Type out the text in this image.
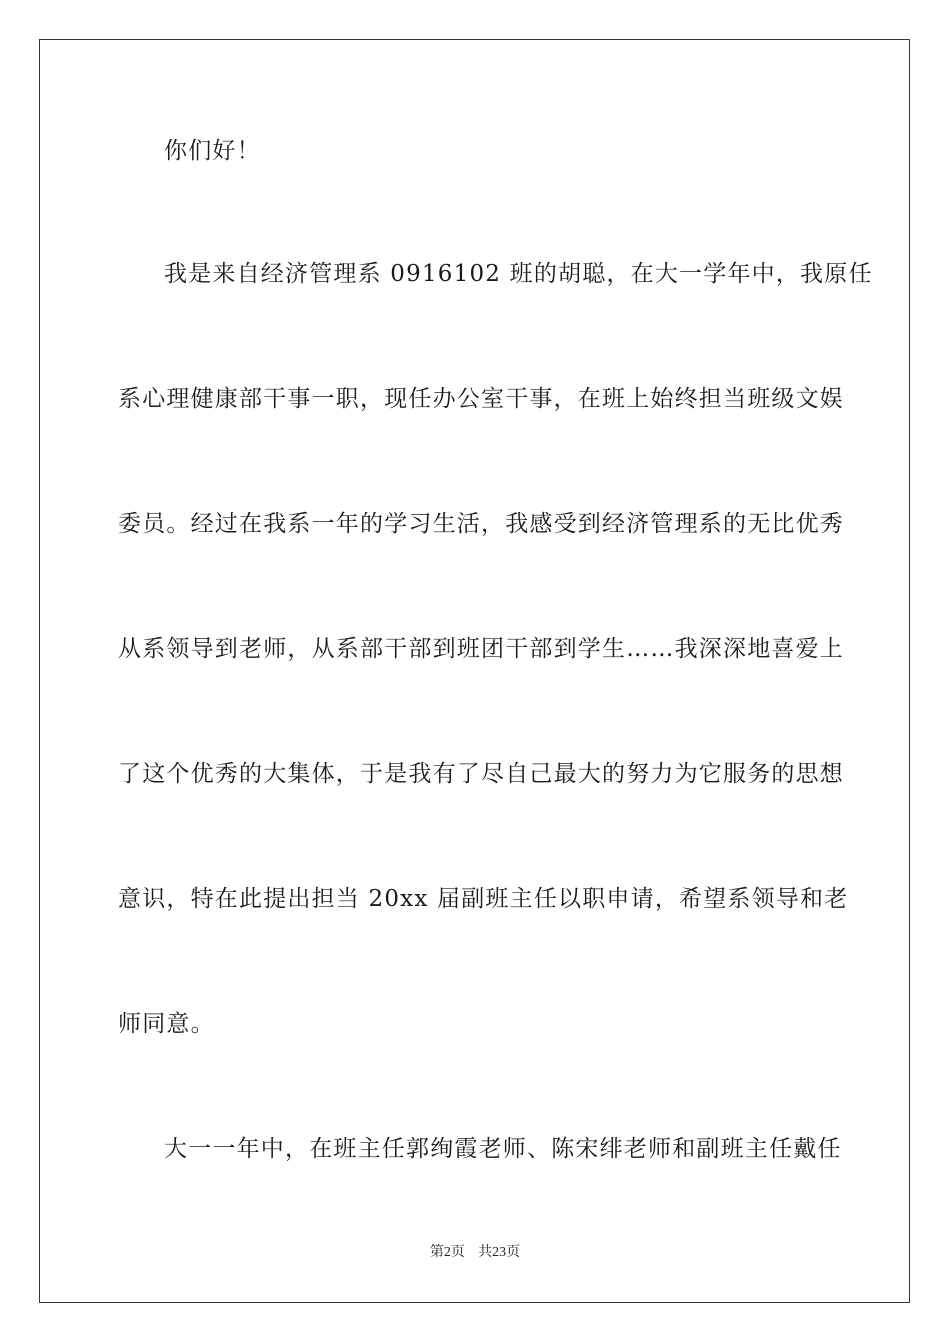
你们好！
我是来自经济管理系 0916102 班的胡聪，在大一学年中，我原任
系心理健康部干事一职，现任办公室干事，在班上始终担当班级文娱
委员。经过在我系一年的学习生活，我感受到经济管理系的无比优秀
从系领导到老师，从系部干部到班团干部到学生……我深深地喜爱上
了这个优秀的大集体，于是我有了尽自己最大的努力为它服务的思想
意识，特在此提出担当 20xx 届副班主任以职申请，希望系领导和老
师同意。
大一一年中，在班主任郭绚霞老师、陈宋绯老师和副班主任戴任
第2页 共23页
